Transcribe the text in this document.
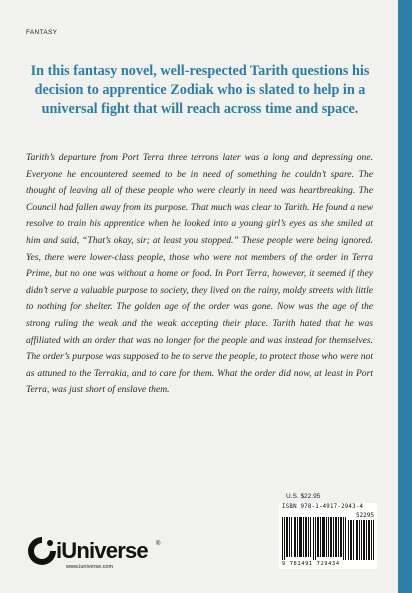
FANTASY
In this fantasy novel, well-respected Tarith questions his decision to apprentice Zodiak who is slated to help in a universal fight that will reach across time and space.

Tarith’s departure from Port Terra three terrons later was a long and depressing one. Everyone he encountered seemed to be in need of something he couldn’t spare. The thought of leaving all of these people who were clearly in need was heartbreaking. The Council had fallen away from its purpose. That much was clear to Tarith. He found a new resolve to train his apprentice when he looked into a young girl’s eyes as she smiled at him and said, “That’s okay, sir; at least you stopped.” These people were being ignored. Yes, there were lower-class people, those who were not members of the order in Terra Prime, but no one was without a home or food. In Port Terra, however, it seemed if they didn’t serve a valuable purpose to society, they lived on the rainy, moldy streets with little to nothing for shelter. The golden age of the order was gone. Now was the age of the strong ruling the weak and the weak accepting their place. Tarith hated that he was affiliated with an order that was no longer for the people and was instead for themselves. The order’s purpose was supposed to be to serve the people, to protect those who were not as attuned to the Terrakia, and to care for them. What the order did now, at least in Port Terra, was just short of enslave them.

U.S. $22.95
ISBN 978-1-4917-2943-4
52295
9 781491 729434
iUniverse ®
www.iuniverse.com
